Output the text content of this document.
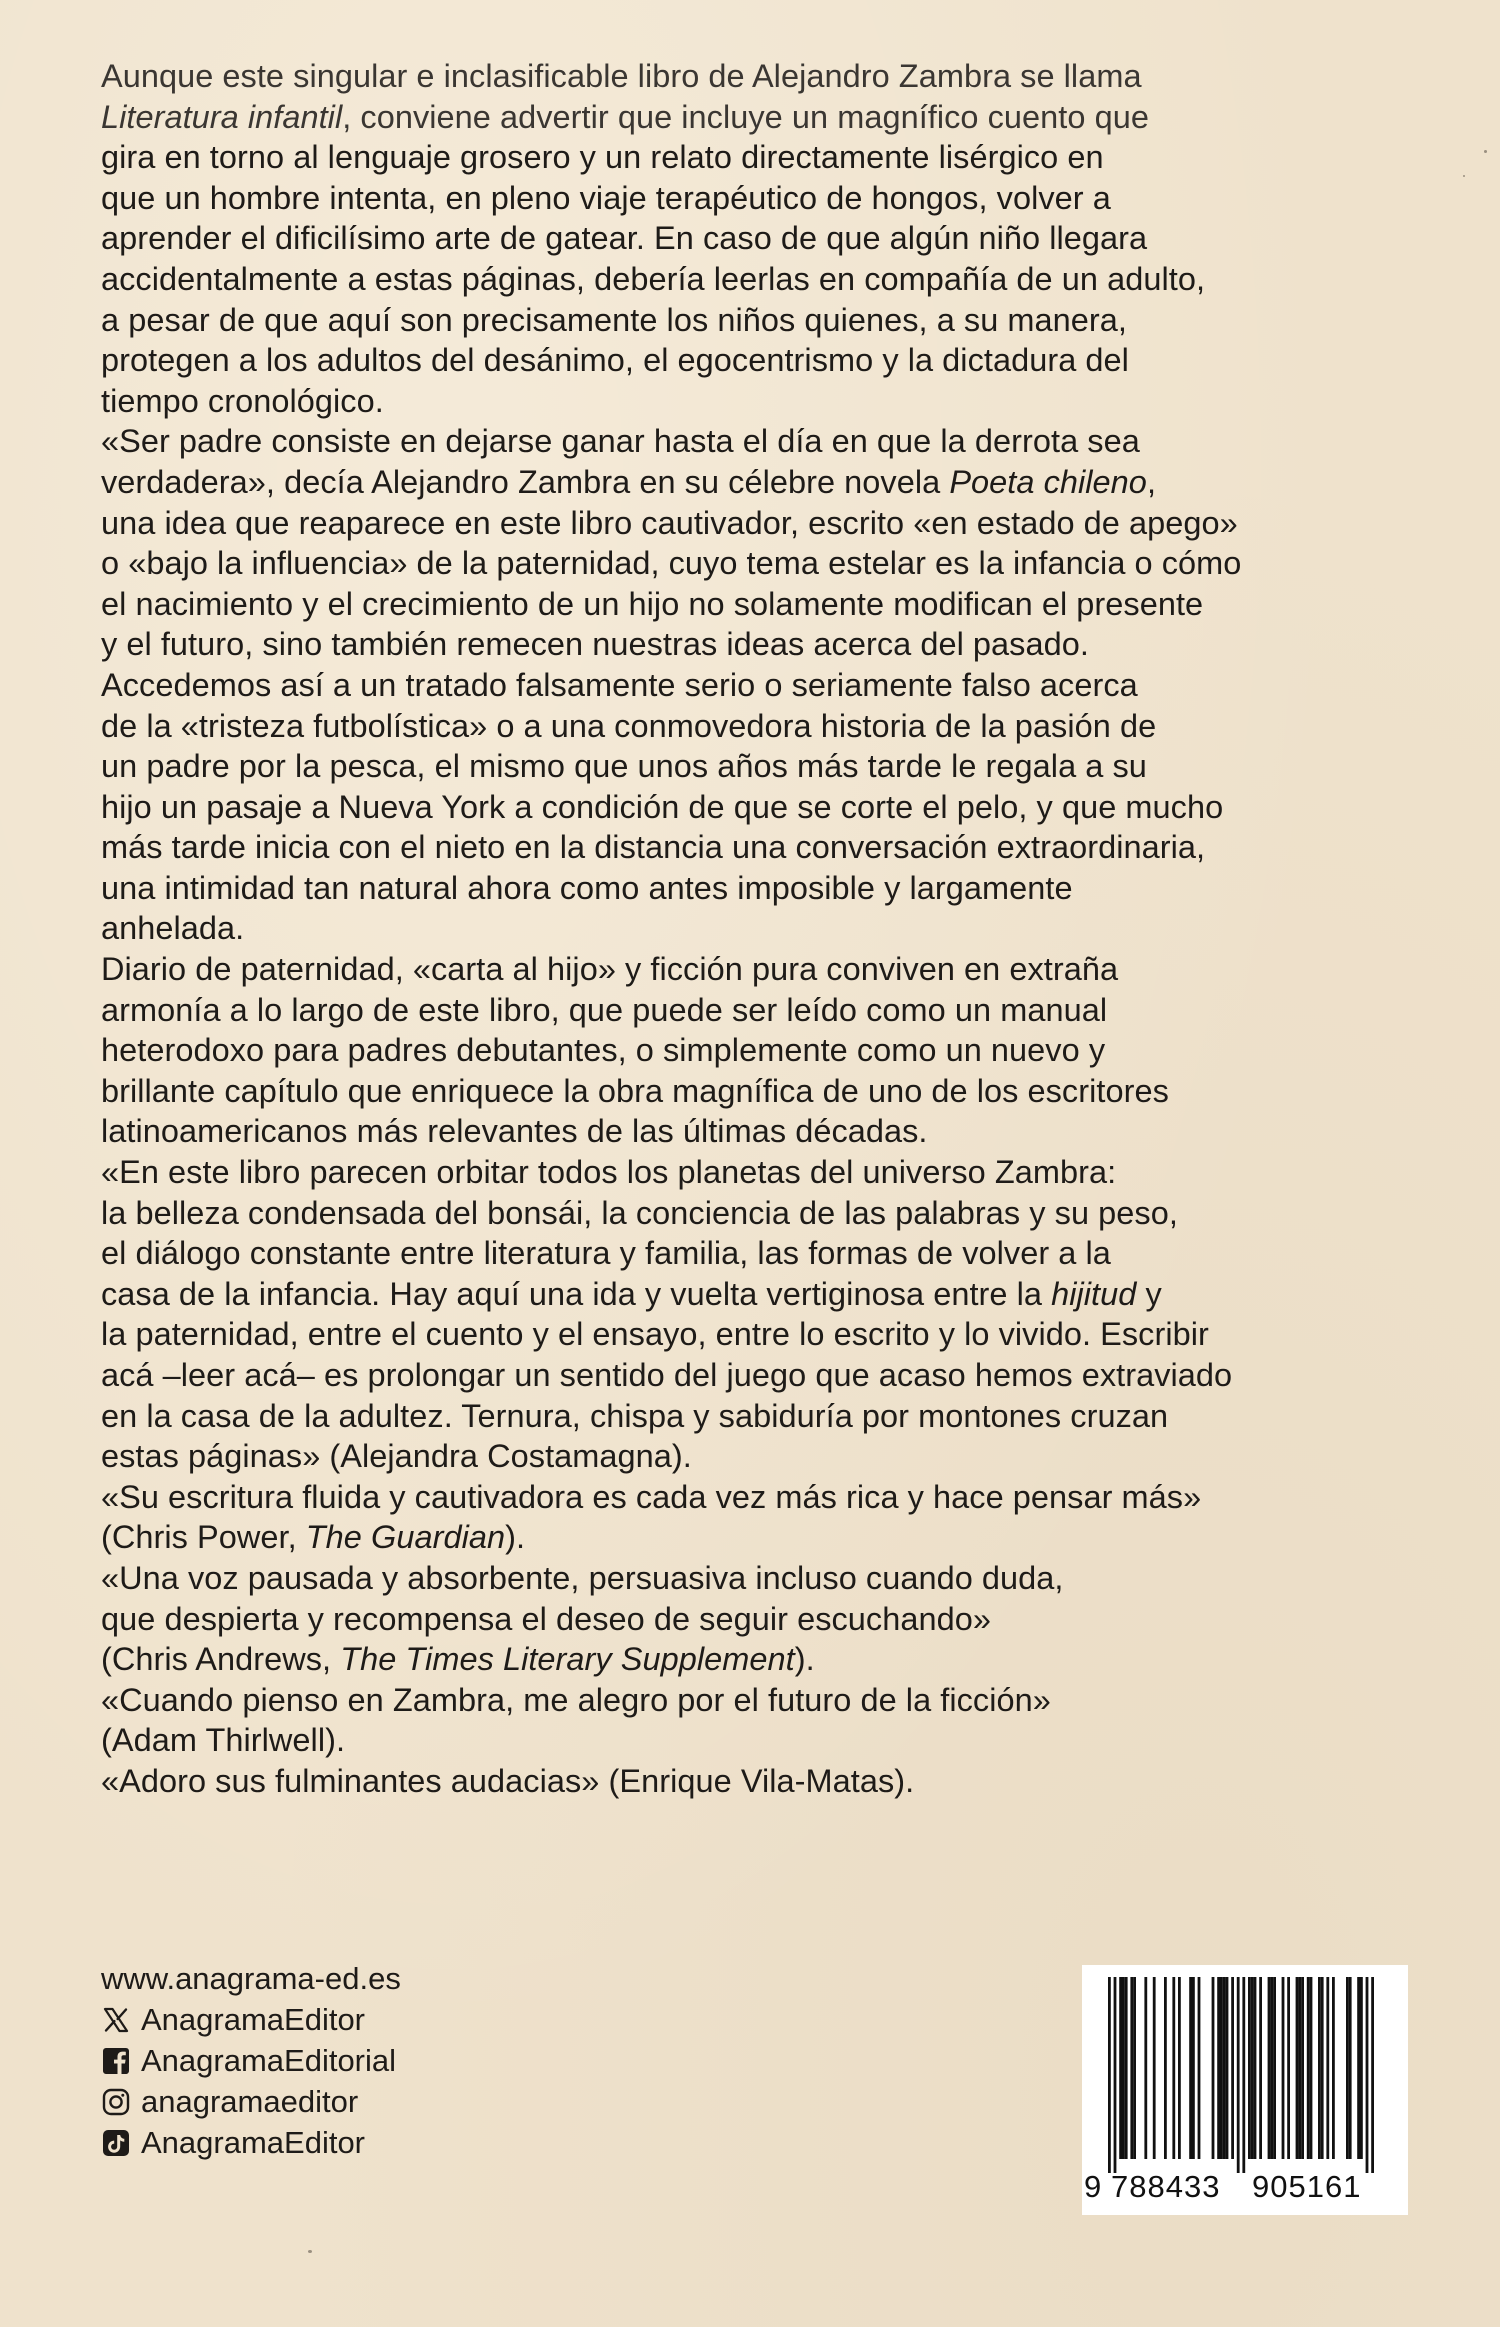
Aunque este singular e inclasificable libro de Alejandro Zambra se llama
Literatura infantil, conviene advertir que incluye un magnífico cuento que
gira en torno al lenguaje grosero y un relato directamente lisérgico en
que un hombre intenta, en pleno viaje terapéutico de hongos, volver a
aprender el dificilísimo arte de gatear. En caso de que algún niño llegara
accidentalmente a estas páginas, debería leerlas en compañía de un adulto,
a pesar de que aquí son precisamente los niños quienes, a su manera,
protegen a los adultos del desánimo, el egocentrismo y la dictadura del
tiempo cronológico.

«Ser padre consiste en dejarse ganar hasta el día en que la derrota sea
verdadera», decía Alejandro Zambra en su célebre novela Poeta chileno,
una idea que reaparece en este libro cautivador, escrito «en estado de apego»
o «bajo la influencia» de la paternidad, cuyo tema estelar es la infancia o cómo
el nacimiento y el crecimiento de un hijo no solamente modifican el presente
y el futuro, sino también remecen nuestras ideas acerca del pasado.
Accedemos así a un tratado falsamente serio o seriamente falso acerca
de la «tristeza futbolística» o a una conmovedora historia de la pasión de
un padre por la pesca, el mismo que unos años más tarde le regala a su
hijo un pasaje a Nueva York a condición de que se corte el pelo, y que mucho
más tarde inicia con el nieto en la distancia una conversación extraordinaria,
una intimidad tan natural ahora como antes imposible y largamente
anhelada.

Diario de paternidad, «carta al hijo» y ficción pura conviven en extraña
armonía a lo largo de este libro, que puede ser leído como un manual
heterodoxo para padres debutantes, o simplemente como un nuevo y
brillante capítulo que enriquece la obra magnífica de uno de los escritores
latinoamericanos más relevantes de las últimas décadas.

«En este libro parecen orbitar todos los planetas del universo Zambra:
la belleza condensada del bonsái, la conciencia de las palabras y su peso,
el diálogo constante entre literatura y familia, las formas de volver a la
casa de la infancia. Hay aquí una ida y vuelta vertiginosa entre la hijitud y
la paternidad, entre el cuento y el ensayo, entre lo escrito y lo vivido. Escribir
acá –leer acá– es prolongar un sentido del juego que acaso hemos extraviado
en la casa de la adultez. Ternura, chispa y sabiduría por montones cruzan
estas páginas» (Alejandra Costamagna).

«Su escritura fluida y cautivadora es cada vez más rica y hace pensar más»
(Chris Power, The Guardian).

«Una voz pausada y absorbente, persuasiva incluso cuando duda,
que despierta y recompensa el deseo de seguir escuchando»
(Chris Andrews, The Times Literary Supplement).

«Cuando pienso en Zambra, me alegro por el futuro de la ficción»
(Adam Thirlwell).

«Adoro sus fulminantes audacias» (Enrique Vila-Matas).

www.anagrama-ed.es
AnagramaEditor
AnagramaEditorial
anagramaeditor
AnagramaEditor
9 788433 905161
